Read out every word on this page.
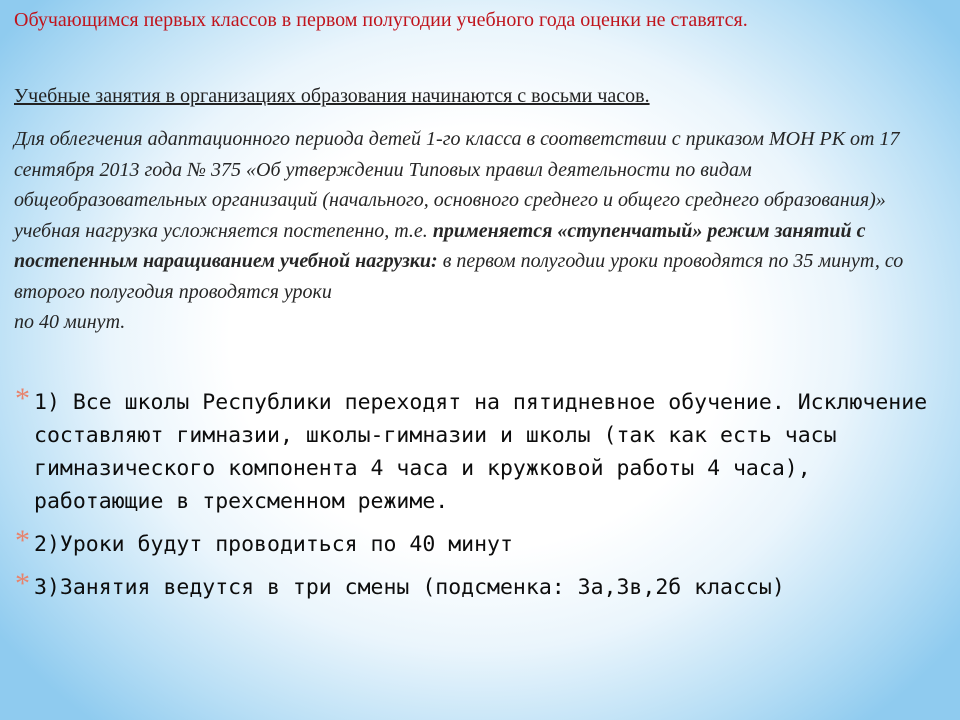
Обучающимся первых классов в первом полугодии учебного года оценки не ставятся.

Учебные занятия в организациях образования начинаются с восьми часов.

Для облегчения адаптационного периода детей 1-го класса в соответствии с приказом МОН РК от 17 сентября 2013 года № 375 «Об утверждении Типовых правил деятельности по видам общеобразовательных организаций (начального, основного среднего и общего среднего образования)» учебная нагрузка усложняется постепенно, т.е. применяется «ступенчатый» режим занятий с постепенным наращиванием учебной нагрузки: в первом полугодии уроки проводятся по 35 минут, со второго полугодия проводятся уроки
по 40 минут.

* 1) Все школы Республики переходят на пятидневное обучение. Исключение составляют гимназии, школы-гимназии и школы (так как есть часы гимназического компонента 4 часа и кружковой работы 4 часа), работающие в трехсменном режиме.
* 2)Уроки будут проводиться по 40 минут
* 3)Занятия ведутся в три смены (подсменка: 3а,3в,2б классы)
